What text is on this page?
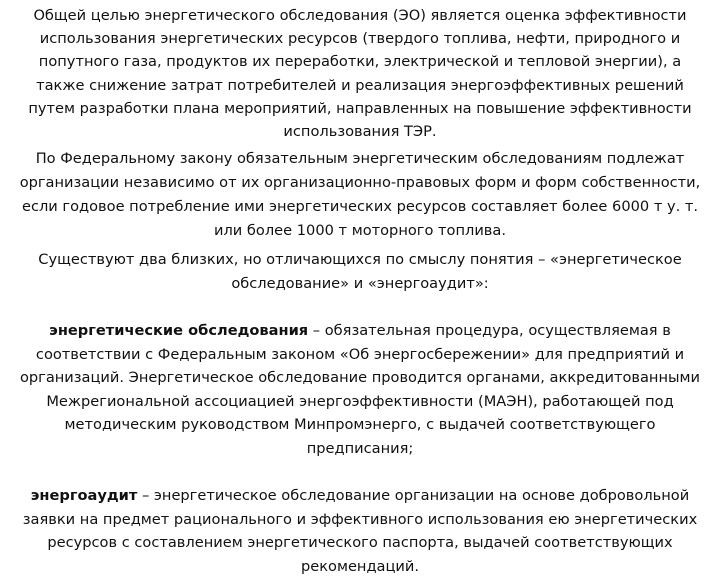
Общей целью энергетического обследования (ЭО) является оценка эффективности использования энергетических ресурсов (твердого топлива, нефти, природного и попутного газа, продуктов их переработки, электрической и тепловой энергии), а также снижение затрат потребителей и реализация энергоэффективных решений путем разработки плана мероприятий, направленных на повышение эффективности использования ТЭР.

По Федеральному закону обязательным энергетическим обследованиям подлежат организации независимо от их организационно-правовых форм и форм собственности, если годовое потребление ими энергетических ресурсов составляет более 6000 т у. т. или более 1000 т моторного топлива.

Существуют два близких, но отличающихся по смыслу понятия – «энергетическое обследование» и «энергоаудит»:
энергетические обследования – обязательная процедура, осуществляемая в соответствии с Федеральным законом «Об энергосбережении» для предприятий и организаций. Энергетическое обследование проводится органами, аккредитованными Межрегиональной ассоциацией энергоэффективности (МАЭН), работающей под методическим руководством Минпромэнерго, с выдачей соответствующего предписания;
энергоаудит – энергетическое обследование организации на основе добровольной заявки на предмет рационального и эффективного использования ею энергетических ресурсов с составлением энергетического паспорта, выдачей соответствующих рекомендаций.
